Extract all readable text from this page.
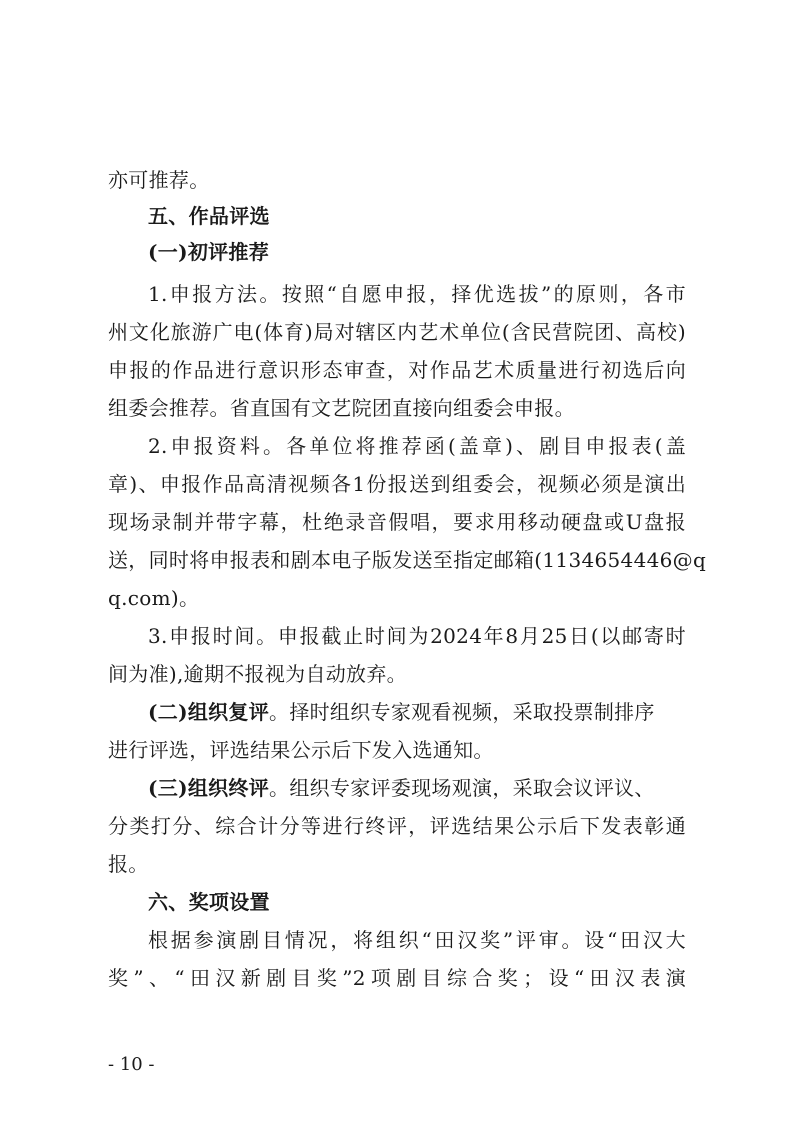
亦可推荐。
五、作品评选
(一)初评推荐
1.申报方法。按照“自愿申报，择优选拔”的原则，各市
州文化旅游广电(体育)局对辖区内艺术单位(含民营院团、高校)
申报的作品进行意识形态审查，对作品艺术质量进行初选后向
组委会推荐。省直国有文艺院团直接向组委会申报。
2.申报资料。各单位将推荐函(盖章)、剧目申报表(盖
章)、申报作品高清视频各1份报送到组委会，视频必须是演出
现场录制并带字幕，杜绝录音假唱，要求用移动硬盘或U盘报
送，同时将申报表和剧本电子版发送至指定邮箱(1134654446@q
q.com)。
3.申报时间。申报截止时间为2024年8月25日(以邮寄时
间为准),逾期不报视为自动放弃。
(二)组织复评。择时组织专家观看视频，采取投票制排序
进行评选，评选结果公示后下发入选通知。
(三)组织终评。组织专家评委现场观演，采取会议评议、
分类打分、综合计分等进行终评，评选结果公示后下发表彰通
报。
六、奖项设置
根据参演剧目情况，将组织“田汉奖”评审。设“田汉大
奖”、“田汉新剧目奖”2项剧目综合奖；设“田汉表演
- 10 -
